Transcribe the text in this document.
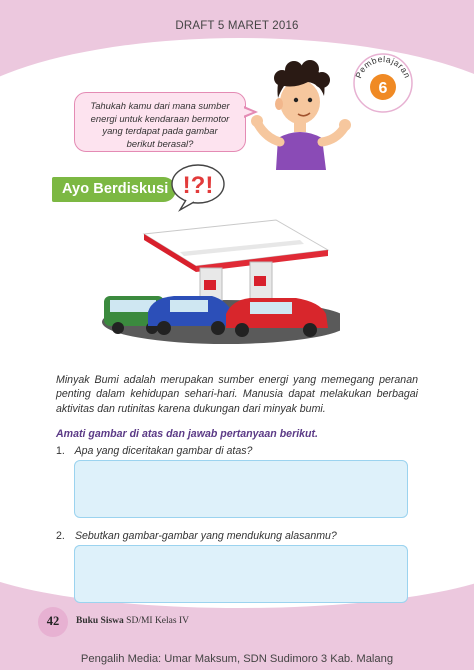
DRAFT 5 MARET 2016
Pembelajaran
6
Tahukah kamu dari mana sumber
energi untuk kendaraan bermotor
yang terdapat pada gambar
berikut berasal?
Ayo Berdiskusi !?!
Minyak Bumi adalah merupakan sumber energi yang memegang peranan penting dalam kehidupan sehari-hari. Manusia dapat melakukan berbagai aktivitas dan rutinitas karena dukungan dari minyak bumi.
Amati gambar di atas dan jawab pertanyaan berikut.
1. Apa yang diceritakan gambar di atas?
2. Sebutkan gambar-gambar yang mendukung alasanmu?
42	Buku Siswa SD/MI Kelas IV
Pengalih Media: Umar Maksum, SDN Sudimoro 3 Kab. Malang
